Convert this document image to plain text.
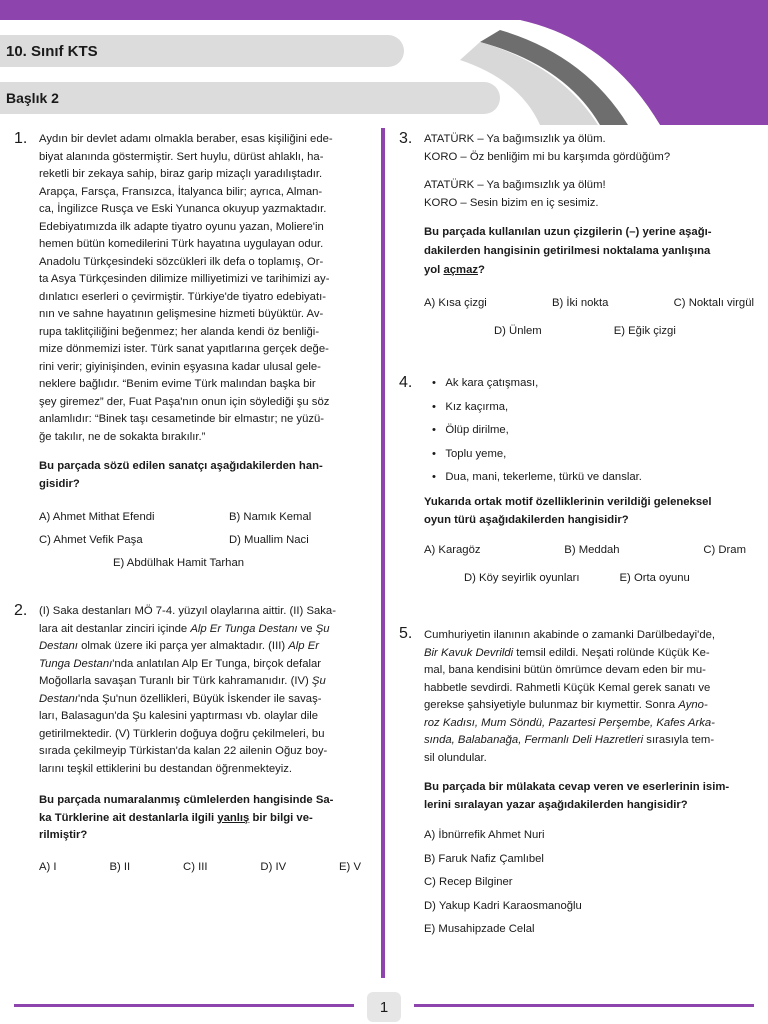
10. Sınıf KTS
Başlık 2
1. Aydın bir devlet adamı olmakla beraber, esas kişiliğini ede-

biyat alanında göstermiştir. Sert huylu, dürüst ahlaklı, ha-

reketli bir zekaya sahip, biraz garip mizaçlı yaradılıştadır.

Arapça, Farsça, Fransızca, İtalyanca bilir; ayrıca, Alman-

ca, İngilizce Rusça ve Eski Yunanca okuyup yazmaktadır.

Edebiyatımızda ilk adapte tiyatro oyunu yazan, Moliere'in

hemen bütün komedilerini Türk hayatına uygulayan odur.

Anadolu Türkçesindeki sözcükleri ilk defa o toplamış, Or-

ta Asya Türkçesinden dilimize milliyetimizi ve tarihimizi ay-

dınlatıcı eserleri o çevirmiştir. Türkiye'de tiyatro edebiyatı-

nın ve sahne hayatının gelişmesine hizmeti büyüktür. Av-

rupa taklitçiliğini beğenmez; her alanda kendi öz benliği-

mize dönmemizi ister. Türk sanat yapıtlarına gerçek değe-

rini verir; giyinişinden, evinin eşyasına kadar ulusal gele-

neklere bağlıdır. “Benim evime Türk malından başka bir

şey giremez” der, Fuat Paşa'nın onun için söylediği şu söz

anlamlıdır: “Binek taşı cesametinde bir elmastır; ne yüzü-

ğe takılır, ne de sokakta bırakılır.”

Bu parçada sözü edilen sanatçı aşağıdakilerden han-
gisidir?
A) Ahmet Mithat Efendi	B) Namık Kemal
C) Ahmet Vefik Paşa	D) Muallim Naci
E) Abdülhak Hamit Tarhan
2. (I) Saka destanları MÖ 7-4. yüzyıl olaylarına aittir. (II) Saka-

lara ait destanlar zinciri içinde Alp Er Tunga Destanı ve Şu

Destanı olmak üzere iki parça yer almaktadır. (III) Alp Er

Tunga Destanı'nda anlatılan Alp Er Tunga, birçok defalar

Moğollarla savaşan Turanlı bir Türk kahramanıdır. (IV) Şu

Destanı'nda Şu'nun özellikleri, Büyük İskender ile savaş-

ları, Balasagun'da Şu kalesini yaptırması vb. olaylar dile

getirilmektedir. (V) Türklerin doğuya doğru çekilmeleri, bu

sırada çekilmeyip Türkistan'da kalan 22 ailenin Oğuz boy-

larını teşkil ettiklerini bu destandan öğrenmekteyiz.

Bu parçada numaralanmış cümlelerden hangisinde Sa-
ka Türklerine ait destanlarla ilgili yanlış bir bilgi ve-
rilmiştir?
A) I	B) II	C) III	D) IV	E) V
3. ATATÜRK – Ya bağımsızlık ya ölüm.
KORO – Öz benliğim mi bu karşımda gördüğüm?
ATATÜRK – Ya bağımsızlık ya ölüm!
KORO – Sesin bizim en iç sesimiz.
Bu parçada kullanılan uzun çizgilerin (–) yerine aşağı-
dakilerden hangisinin getirilmesi noktalama yanlışına
yol açmaz?
A) Kısa çizgi	B) İki nokta	C) Noktalı virgül
D) Ünlem	E) Eğik çizgi
4. •   Ak kara çatışması,
•   Kız kaçırma,
•   Ölüp dirilme,
•   Toplu yeme,
•   Dua, mani, tekerleme, türkü ve danslar.
Yukarıda ortak motif özelliklerinin verildiği geleneksel
oyun türü aşağıdakilerden hangisidir?
A) Karagöz	B) Meddah	C) Dram
D) Köy seyirlik oyunları	E) Orta oyunu
5. Cumhuriyetin ilanının akabinde o zamanki Darülbedayi'de,

Bir Kavuk Devrildi temsil edildi. Neşati rolünde Küçük Ke-

mal, bana kendisini bütün ömrümce devam eden bir mu-

habbetle sevdirdi. Rahmetli Küçük Kemal gerek sanatı ve

gerekse şahsiyetiyle bulunmaz bir kıymettir. Sonra Ayno-

roz Kadısı, Mum Söndü, Pazartesi Perşembe, Kafes Arka-

sında, Balabanağa, Fermanlı Deli Hazretleri sırasıyla tem-

sil olundular.

Bu parçada bir mülakata cevap veren ve eserlerinin isim-
lerini sıralayan yazar aşağıdakilerden hangisidir?
A) İbnürrefik Ahmet Nuri
B) Faruk Nafiz Çamlıbel
C) Recep Bilginer
D) Yakup Kadri Karaosmanoğlu
E) Musahipzade Celal
1
